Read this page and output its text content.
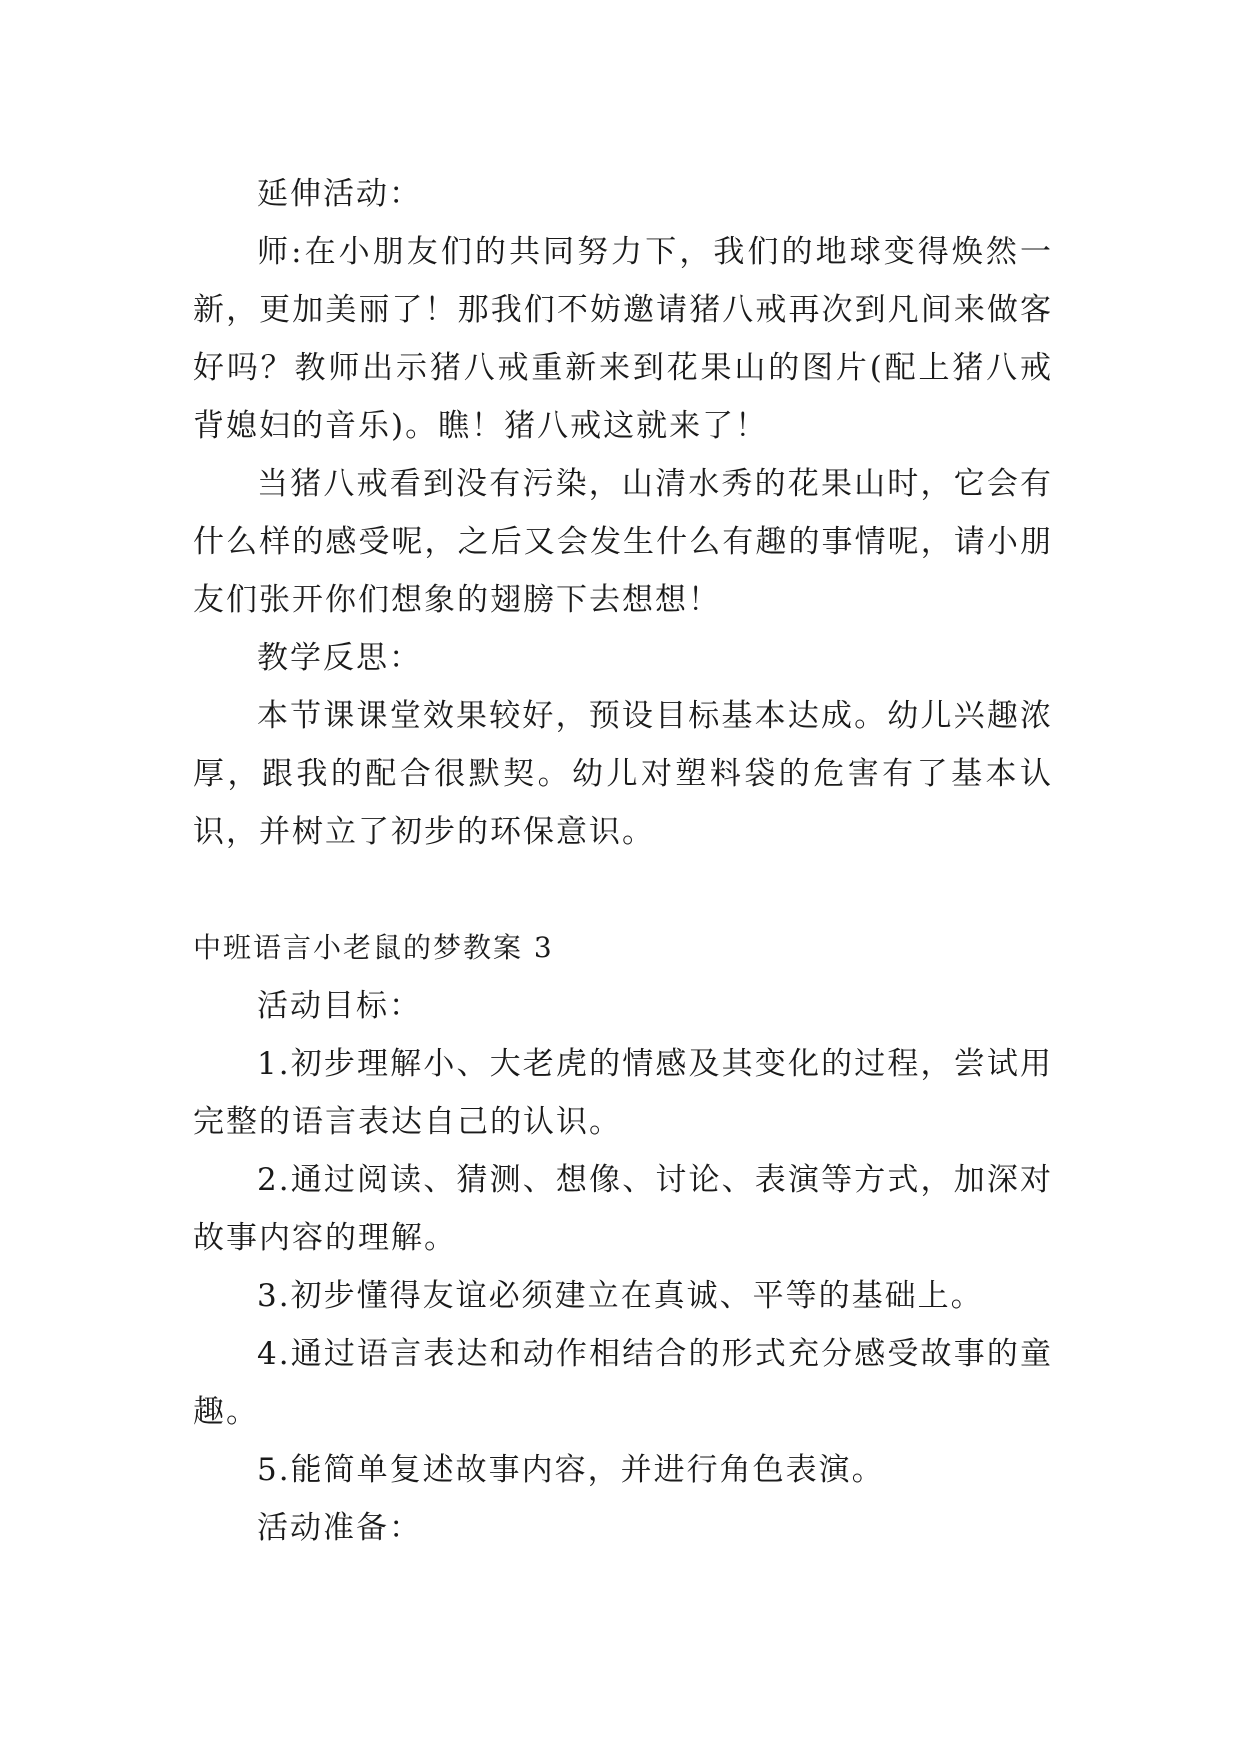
延伸活动：

师:在小朋友们的共同努力下，我们的地球变得焕然一新，更加美丽了！那我们不妨邀请猪八戒再次到凡间来做客好吗？教师出示猪八戒重新来到花果山的图片(配上猪八戒背媳妇的音乐)。瞧！猪八戒这就来了！

当猪八戒看到没有污染，山清水秀的花果山时，它会有什么样的感受呢，之后又会发生什么有趣的事情呢，请小朋友们张开你们想象的翅膀下去想想！

教学反思：

本节课课堂效果较好，预设目标基本达成。幼儿兴趣浓厚，跟我的配合很默契。幼儿对塑料袋的危害有了基本认识，并树立了初步的环保意识。

中班语言小老鼠的梦教案 3

活动目标：

1.初步理解小、大老虎的情感及其变化的过程，尝试用完整的语言表达自己的认识。

2.通过阅读、猜测、想像、讨论、表演等方式，加深对故事内容的理解。

3.初步懂得友谊必须建立在真诚、平等的基础上。

4.通过语言表达和动作相结合的形式充分感受故事的童趣。

5.能简单复述故事内容，并进行角色表演。

活动准备：
